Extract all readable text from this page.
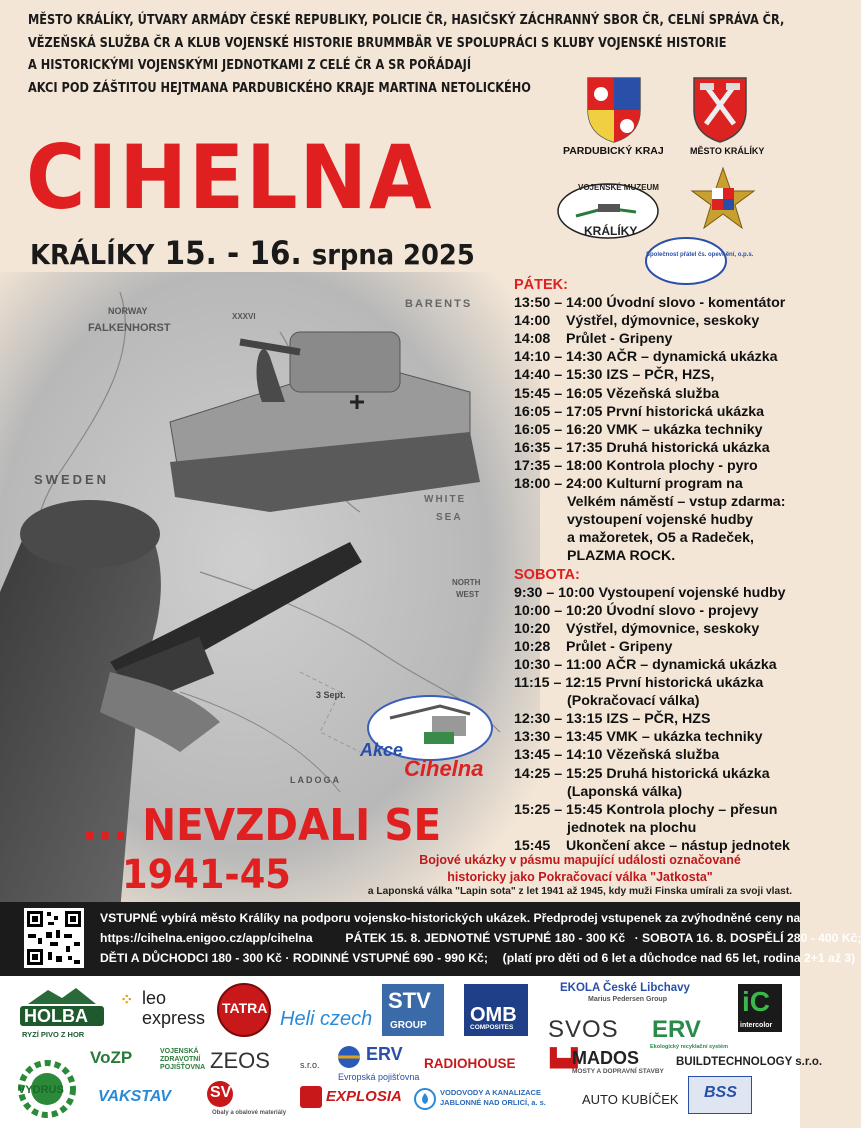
MĚSTO KRÁLÍKY, ÚTVARY ARMÁDY ČESKÉ REPUBLIKY, POLICIE ČR, HASIČSKÝ ZÁCHRANNÝ SBOR ČR, CELNÍ SPRÁVA ČR,
VĚZEŇSKÁ SLUŽBA ČR A KLUB VOJENSKÉ HISTORIE BRUMMBÄR VE SPOLUPRÁCI S KLUBY VOJENSKÉ HISTORIE
A HISTORICKÝMI VOJENSKÝMI JEDNOTKAMI Z CELÉ ČR A SR POŘÁDAJÍ
AKCI POD ZÁŠTITOU HEJTMANA PARDUBICKÉHO KRAJE MARTINA NETOLICKÉHO
CIHELNA
KRÁLÍKY 15. - 16. srpna 2025
PARDUBICKÝ KRAJ	MĚSTO KRÁLÍKY
VOJENSKÉ MUZEUM
KRÁLÍKY
Společnost přátel čs. opevnění, o.p.s.
NORWAY
FALKENHORST
XXXVI
BARENTS
SWEDEN
WHITE
SEA
NORTH
WEST
3 Sept.
LADOGA
Akce
Cihelna
PÁTEK:
13:50 – 14:00 Úvodní slovo - komentátor
14:00	Výstřel, dýmovnice, seskoky
14:08	Průlet - Gripeny
14:10 – 14:30 AČR – dynamická ukázka
14:40 – 15:30 IZS – PČR, HZS,
15:45 – 16:05 Vězeňská služba
16:05 – 17:05 První historická ukázka
16:05 – 16:20 VMK – ukázka techniky
16:35 – 17:35 Druhá historická ukázka
17:35 – 18:00 Kontrola plochy - pyro
18:00 – 24:00 Kulturní program na
Velkém náměstí – vstup zdarma:
vystoupení vojenské hudby
a mažoretek, O5 a Radeček,
PLAZMA ROCK.
SOBOTA:
9:30 – 10:00 Vystoupení vojenské hudby
10:00 – 10:20 Úvodní slovo - projevy
10:20	Výstřel, dýmovnice, seskoky
10:28	Průlet - Gripeny
10:30 – 11:00 AČR – dynamická ukázka
11:15 – 12:15 První historická ukázka
(Pokračovací válka)
12:30 – 13:15 IZS – PČR, HZS
13:30 – 13:45 VMK – ukázka techniky
13:45 – 14:10 Vězeňská služba
14:25 – 15:25 Druhá historická ukázka
(Laponská válka)
15:25 – 15:45 Kontrola plochy – přesun
jednotek na plochu
15:45	Ukončení akce – nástup jednotek
... NEVZDALI SE
1941-45	Bojové ukázky v pásmu mapující události označované
historicky jako Pokračovací válka "Jatkosta"
a Laponská válka "Lapin sota" z let 1941 až 1945, kdy muži Finska umírali za svoji vlast.
VSTUPNÉ vybírá město Králíky na podporu vojensko-historických ukázek. Předprodej vstupenek za zvýhodněné ceny na
https://cihelna.enigoo.cz/app/cihelna	PÁTEK 15. 8. JEDNOTNÉ VSTUPNÉ 180 - 300 Kč · SOBOTA 16. 8. DOSPĚLÍ 280 - 400 Kč;
DĚTI A DŮCHODCI 180 - 300 Kč · RODINNÉ VSTUPNÉ 690 - 990 Kč; (platí pro děti od 6 let a důchodce nad 65 let, rodina 2+1 až 3)
HOLBA
RYZÍ PIVO Z HOR
⁘ leo
express TATRA Heli czech
STV
GROUP OMB
COMPOSITES
EKOLA České Libchavy
Marius Pedersen Group
SVOS ERV
Ekologický recyklační systém
iC
intercolor
VYDRUS
VoZP	VOJENSKÁ
ZDRAVOTNÍ
POJIŠŤOVNA ZEOS	s.r.o.
ERV
Evropská pojišťovna
RADIOHOUSE ▙▟
MADOS
MOSTY A DOPRAVNÍ STAVBY
BUILDTECHNOLOGY s.r.o.
VAKSTAV SV Plast
Obaly a obalové materiály
EXPLOSIA	VODOVODY A KANALIZACE
JABLONNÉ NAD ORLICÍ, a. s.	AUTO KUBÍČEK BSS
